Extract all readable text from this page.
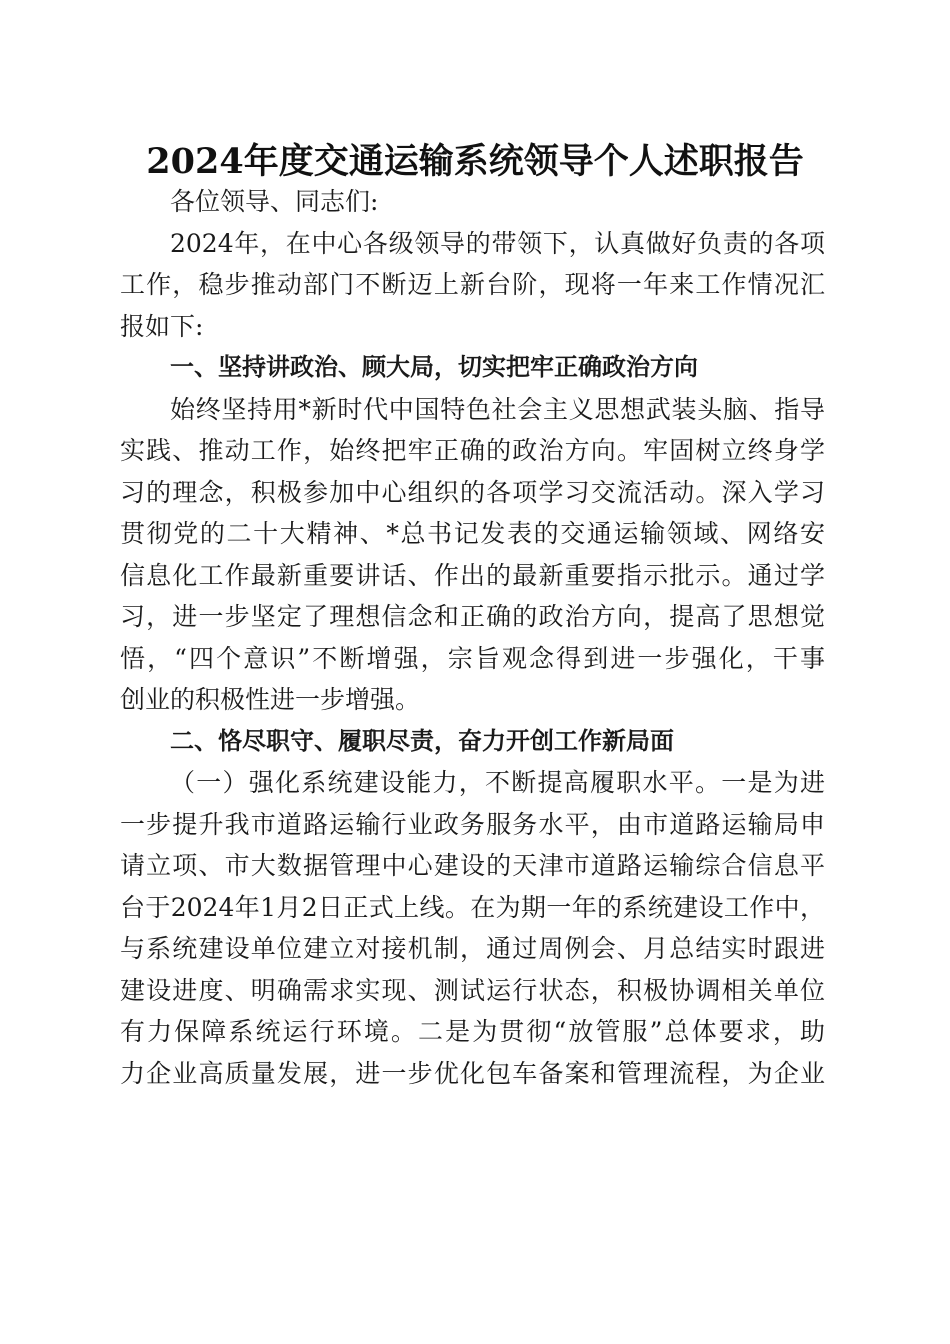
2024年度交通运输系统领导个人述职报告
各位领导、同志们:
2024年，在中心各级领导的带领下，认真做好负责的各项
工作，稳步推动部门不断迈上新台阶，现将一年来工作情况汇
报如下:
一、坚持讲政治、顾大局，切实把牢正确政治方向
始终坚持用*新时代中国特色社会主义思想武装头脑、指导
实践、推动工作，始终把牢正确的政治方向。牢固树立终身学
习的理念，积极参加中心组织的各项学习交流活动。深入学习
贯彻党的二十大精神、*总书记发表的交通运输领域、网络安
信息化工作最新重要讲话、作出的最新重要指示批示。通过学
习，进一步坚定了理想信念和正确的政治方向，提高了思想觉
悟，“四个意识”不断增强，宗旨观念得到进一步强化，干事
创业的积极性进一步增强。
二、恪尽职守、履职尽责，奋力开创工作新局面
（一）强化系统建设能力，不断提高履职水平。一是为进
一步提升我市道路运输行业政务服务水平，由市道路运输局申
请立项、市大数据管理中心建设的天津市道路运输综合信息平
台于2024年1月2日正式上线。在为期一年的系统建设工作中，
与系统建设单位建立对接机制，通过周例会、月总结实时跟进
建设进度、明确需求实现、测试运行状态，积极协调相关单位
有力保障系统运行环境。二是为贯彻“放管服”总体要求，助
力企业高质量发展，进一步优化包车备案和管理流程，为企业
